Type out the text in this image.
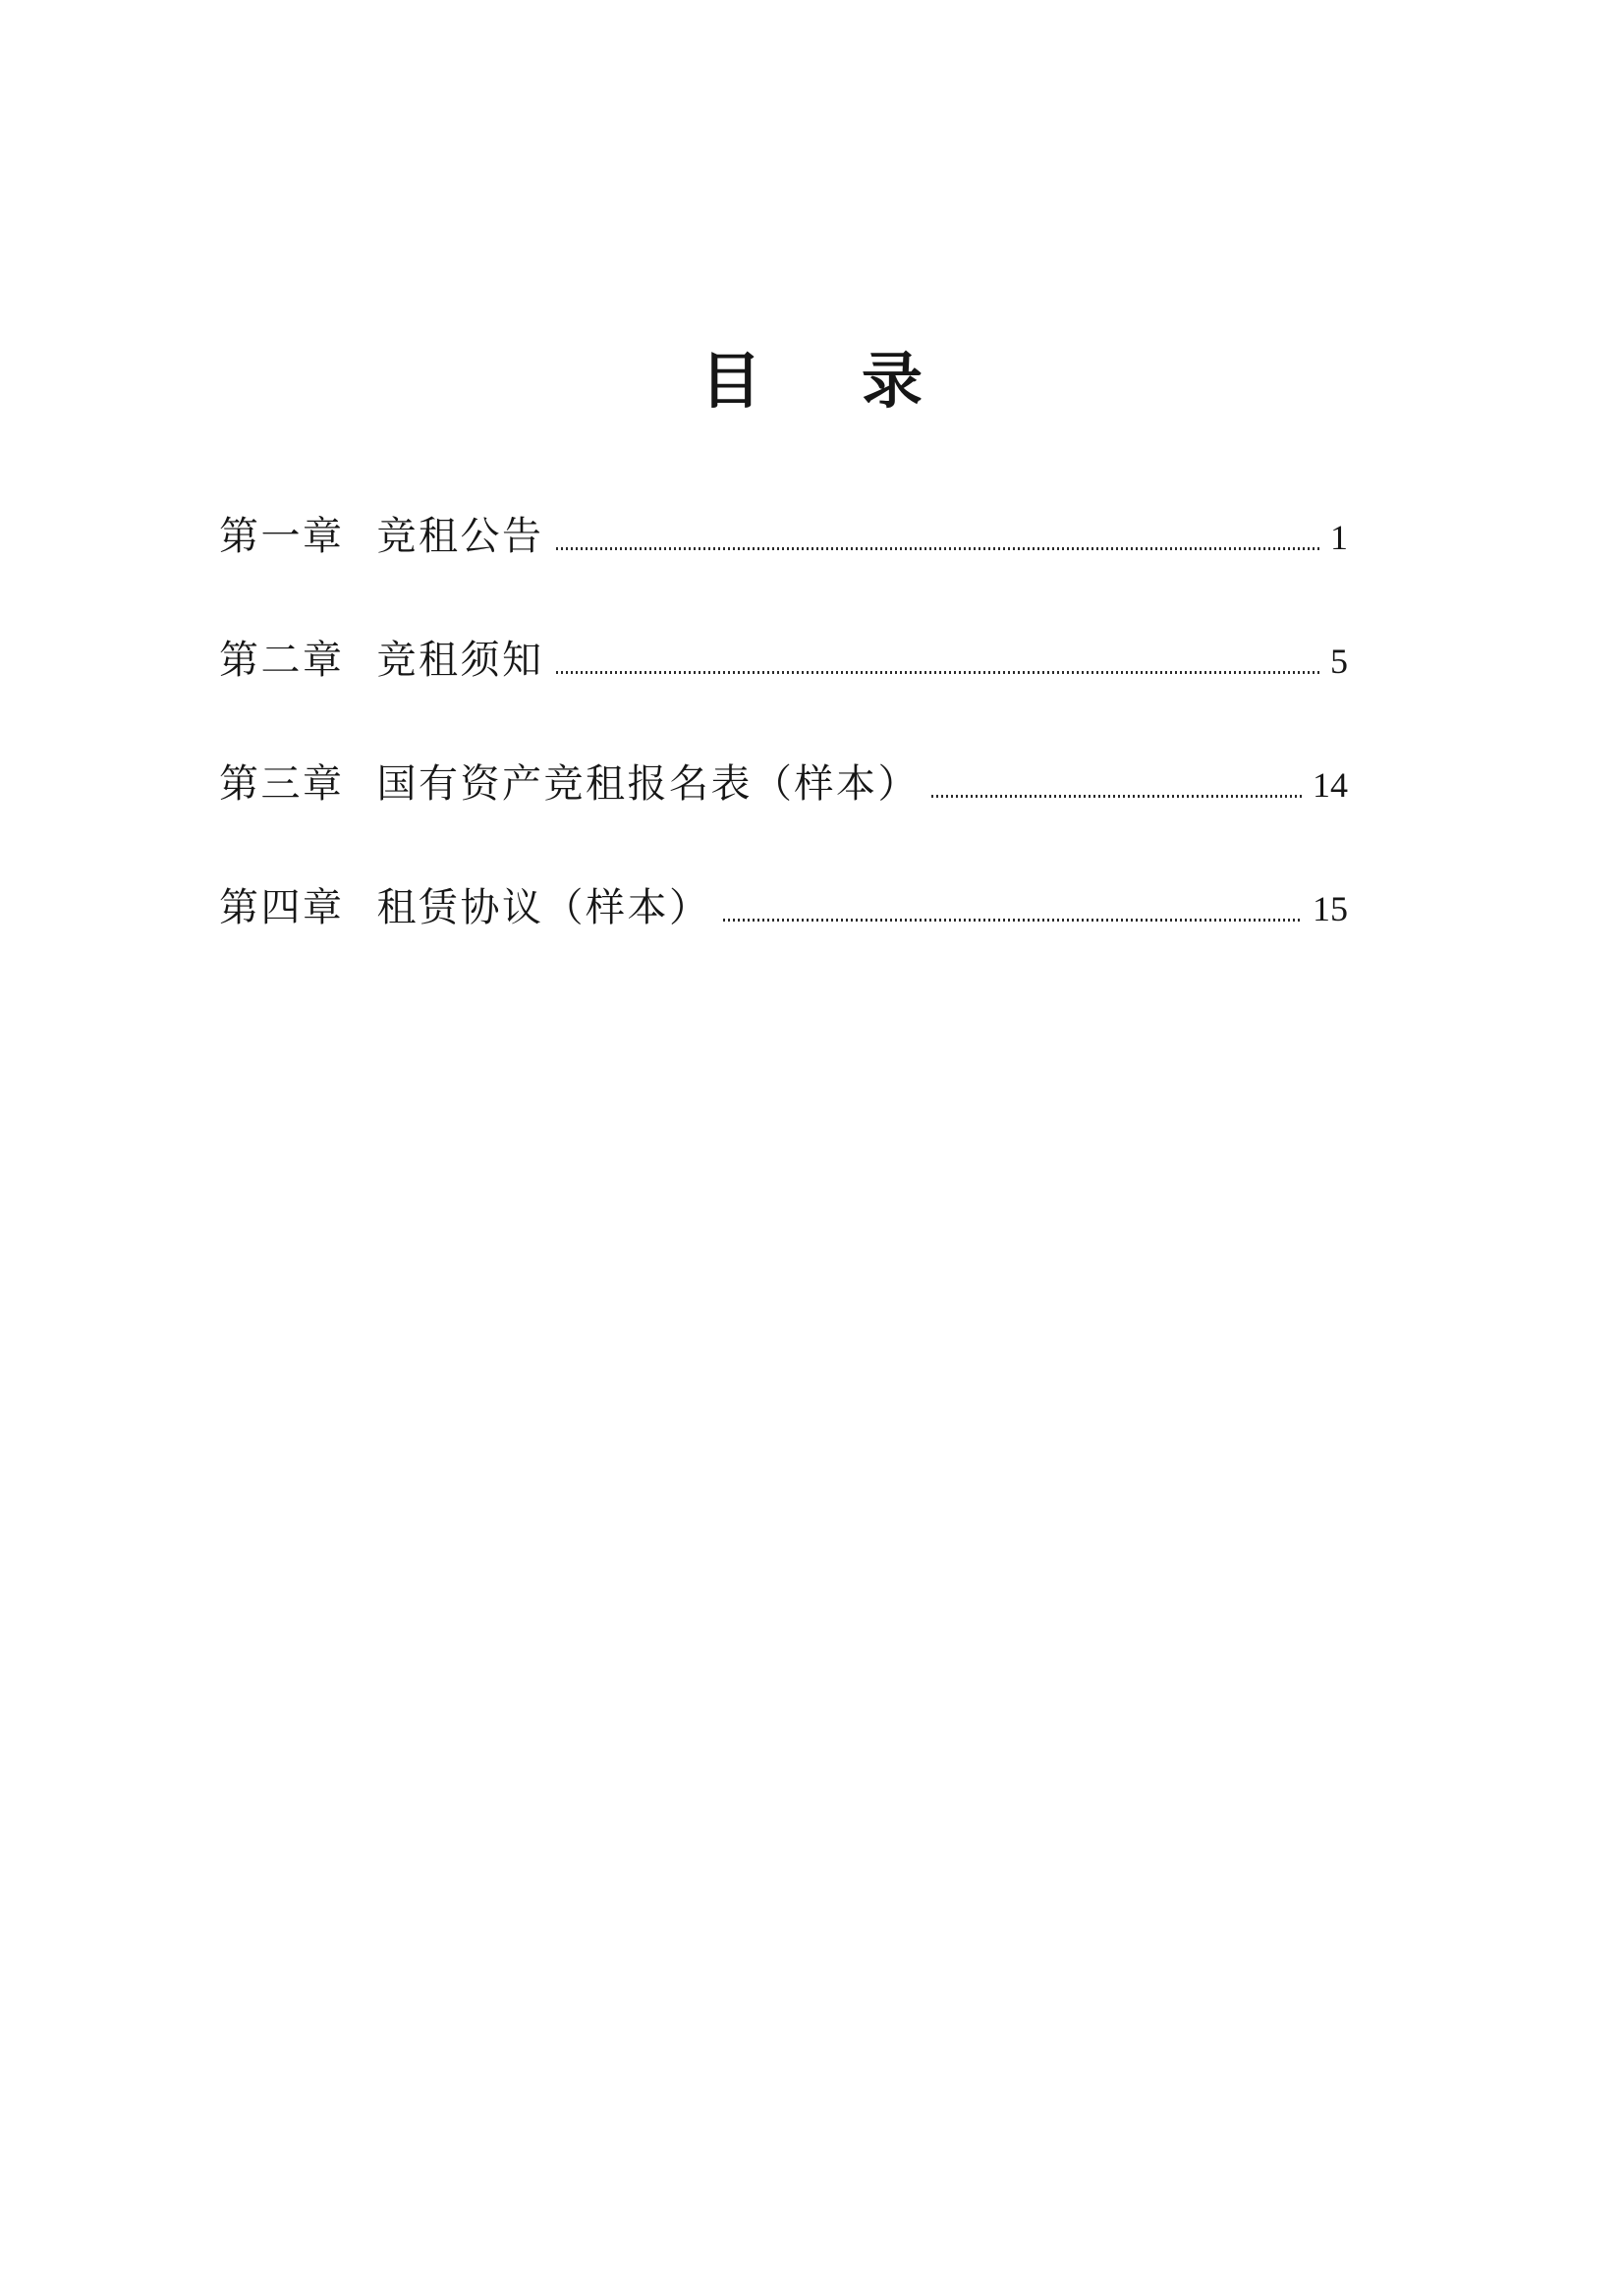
目　录
第一章 竞租公告	1
第二章 竞租须知	5
第三章 国有资产竞租报名表（样本）	14
第四章 租赁协议（样本）	15
